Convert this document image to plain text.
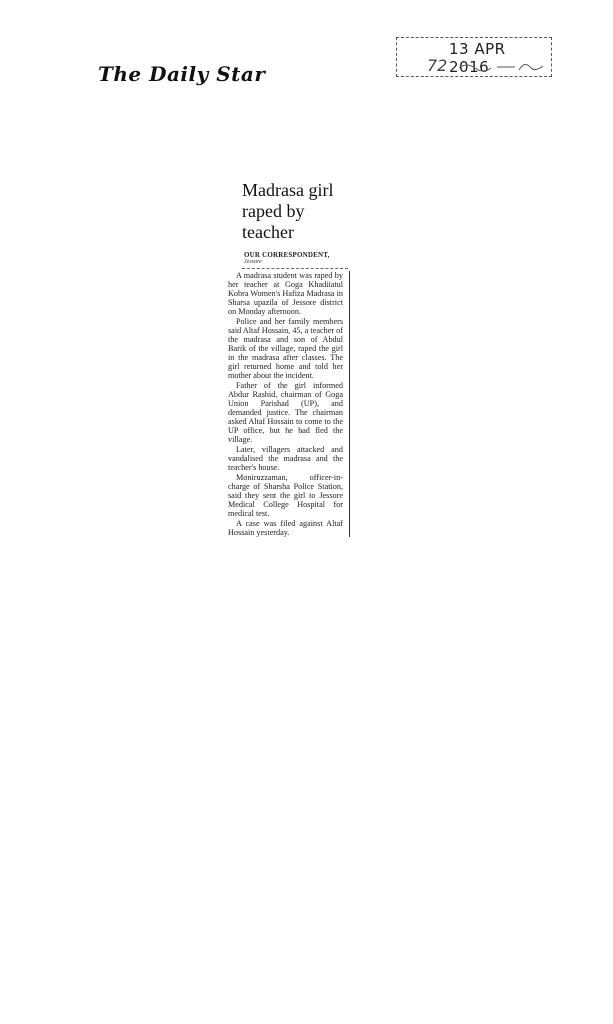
The Daily Star
13 APR 2016
72
Madrasa girl
raped by
teacher
OUR CORRESPONDENT,
Jessore

A madrasa student was raped by her teacher at Goga Khadiiatul Kobra Women's Hafiza Madrasa in Sharsa upazila of Jessore district on Monday afternoon.

Police and her family members said Altaf Hossain, 45, a teacher of the madrasa and son of Abdul Barik of the village, raped the girl in the madrasa after classes. The girl returned home and told her mother about the incident.

Father of the girl informed Abdur Rashid, chairman of Goga Union Parishad (UP), and demanded justice. The chairman asked Altaf Hossain to come to the UP office, but he had fled the village.

Later, villagers attacked and vandalised the madrasa and the teacher's house.

Moniruzzaman, officer-in-charge of Sharsha Police Station, said they sent the girl to Jessore Medical College Hospital for medical test.

A case was filed against Altaf Hossain yesterday.
